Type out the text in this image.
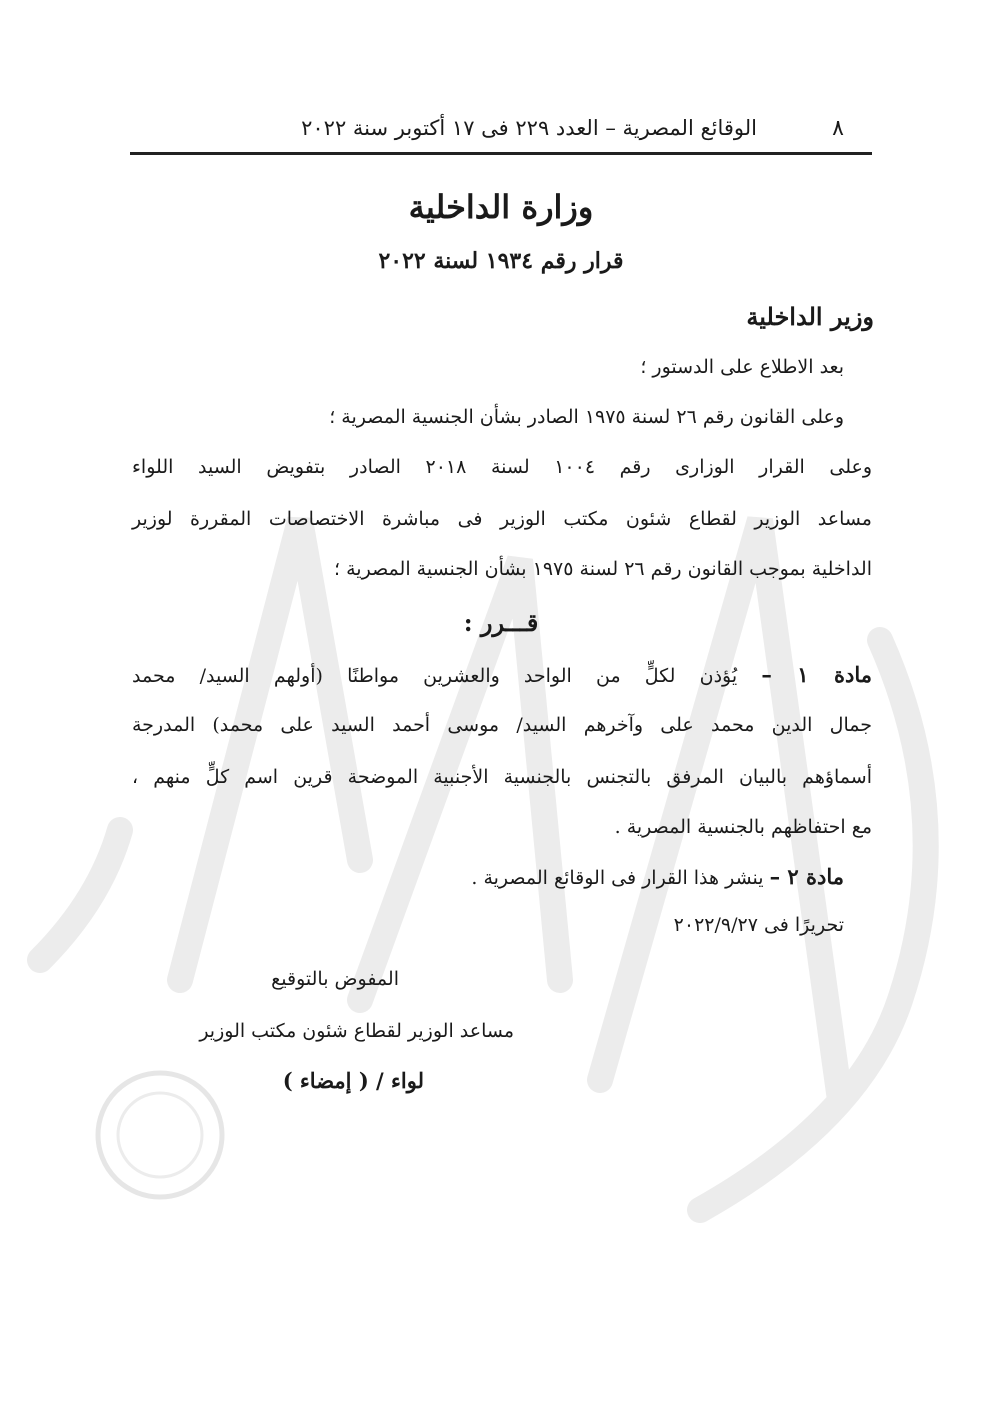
٨
الوقائع المصرية – العدد ٢٢٩ فى ١٧ أكتوبر سنة ٢٠٢٢
وزارة الداخلية
قرار رقم ١٩٣٤ لسنة ٢٠٢٢
وزير الداخلية
بعد الاطلاع على الدستور ؛
وعلى القانون رقم ٢٦ لسنة ١٩٧٥ الصادر بشأن الجنسية المصرية ؛
وعلى القرار الوزارى رقم ١٠٠٤ لسنة ٢٠١٨ الصادر بتفويض السيد اللواء
مساعد الوزير لقطاع شئون مكتب الوزير فى مباشرة الاختصاصات المقررة لوزير
الداخلية بموجب القانون رقم ٢٦ لسنة ١٩٧٥ بشأن الجنسية المصرية ؛
قـــرر :
مادة ١ – يُؤذن لكلٍّ من الواحد والعشرين مواطنًا (أولهم السيد/ محمد
جمال الدين محمد على وآخرهم السيد/ موسى أحمد السيد على محمد) المدرجة
أسماؤهم بالبيان المرفق بالتجنس بالجنسية الأجنبية الموضحة قرين اسم كلٍّ منهم ،
مع احتفاظهم بالجنسية المصرية .
مادة ٢ – ينشر هذا القرار فى الوقائع المصرية .
تحريرًا فى ٢٠٢٢/٩/٢٧
المفوض بالتوقيع
مساعد الوزير لقطاع شئون مكتب الوزير
لواء / ( إمضاء )
